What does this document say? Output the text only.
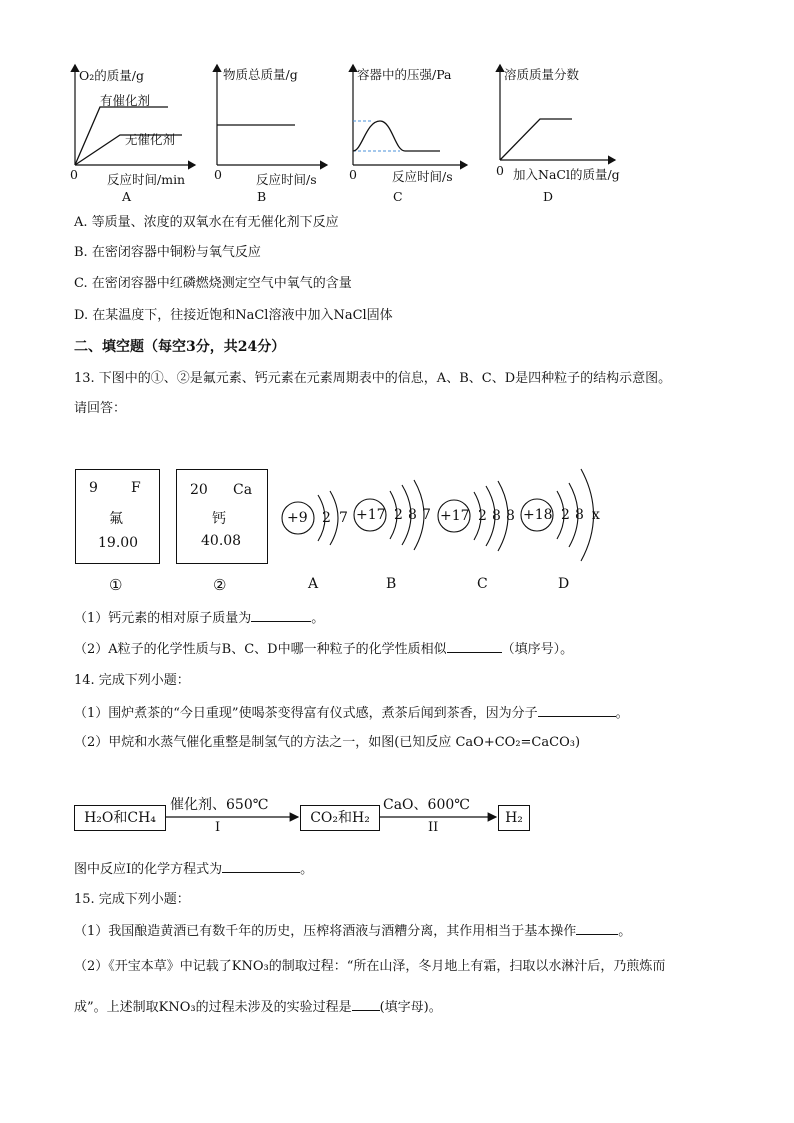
O₂的质量/g
有催化剂
无催化剂
0 反应时间/min
A
物质总质量/g
0	反应时间/s
B
容器中的压强/Pa
0	反应时间/s
C
溶质质量分数
0 加入NaCl的质量/g
D
A. 等质量、浓度的双氧水在有无催化剂下反应
B. 在密闭容器中铜粉与氧气反应
C. 在密闭容器中红磷燃烧测定空气中氧气的含量
D. 在某温度下，往接近饱和NaCl溶液中加入NaCl固体
二、填空题（每空3分，共24分）
13. 下图中的①、②是氟元素、钙元素在元素周期表中的信息，A、B、C、D是四种粒子的结构示意图。
请回答：
9 F
氟
19.00
20 Ca
钙
40.08
①	②
+9 2 7 +17 2 8 7 +17 2 8 8 +18 2 8 x
A	B	C	D
（1）钙元素的相对原子质量为	。
（2）A粒子的化学性质与B、C、D中哪一种粒子的化学性质相似	（填序号）。
14. 完成下列小题：
（1）围炉煮茶的“今日重现”使喝茶变得富有仪式感，煮茶后闻到茶香，因为分子	。
（2）甲烷和水蒸气催化重整是制氢气的方法之一，如图(已知反应 CaO+CO₂=CaCO₃)
H₂O和CH₄
催化剂、650℃
I
CO₂和H₂
CaO、600℃
II
H₂
图中反应I的化学方程式为	。
15. 完成下列小题：
（1）我国酿造黄酒已有数千年的历史，压榨将酒液与酒糟分离，其作用相当于基本操作	。
（2）《开宝本草》中记载了KNO₃的制取过程：“所在山泽，冬月地上有霜，扫取以水淋汁后，乃煎炼而
成”。上述制取KNO₃的过程未涉及的实验过程是 (填字母)。
